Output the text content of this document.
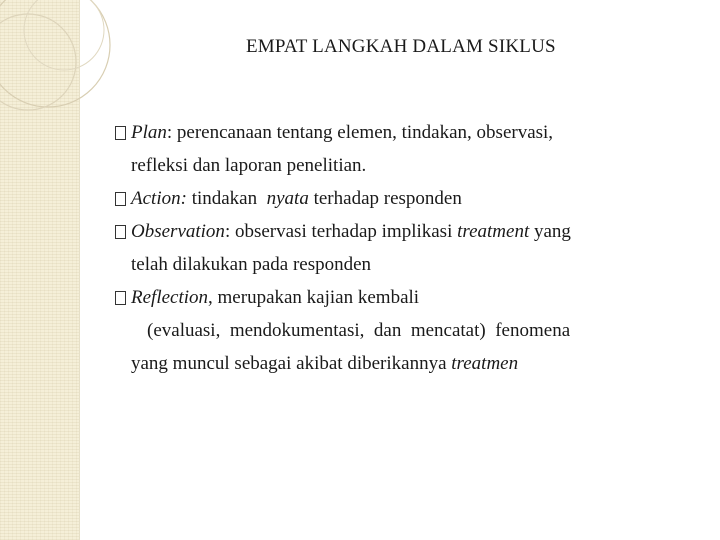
EMPAT LANGKAH DALAM SIKLUS
Plan: perencanaan tentang elemen, tindakan, observasi,
refleksi dan laporan penelitian.
Action: tindakan  nyata terhadap responden
Observation: observasi terhadap implikasi treatment yang
telah dilakukan pada responden
Reflection, merupakan kajian kembali
(evaluasi,  mendokumentasi,  dan  mencatat)  fenomena
yang muncul sebagai akibat diberikannya treatmen
